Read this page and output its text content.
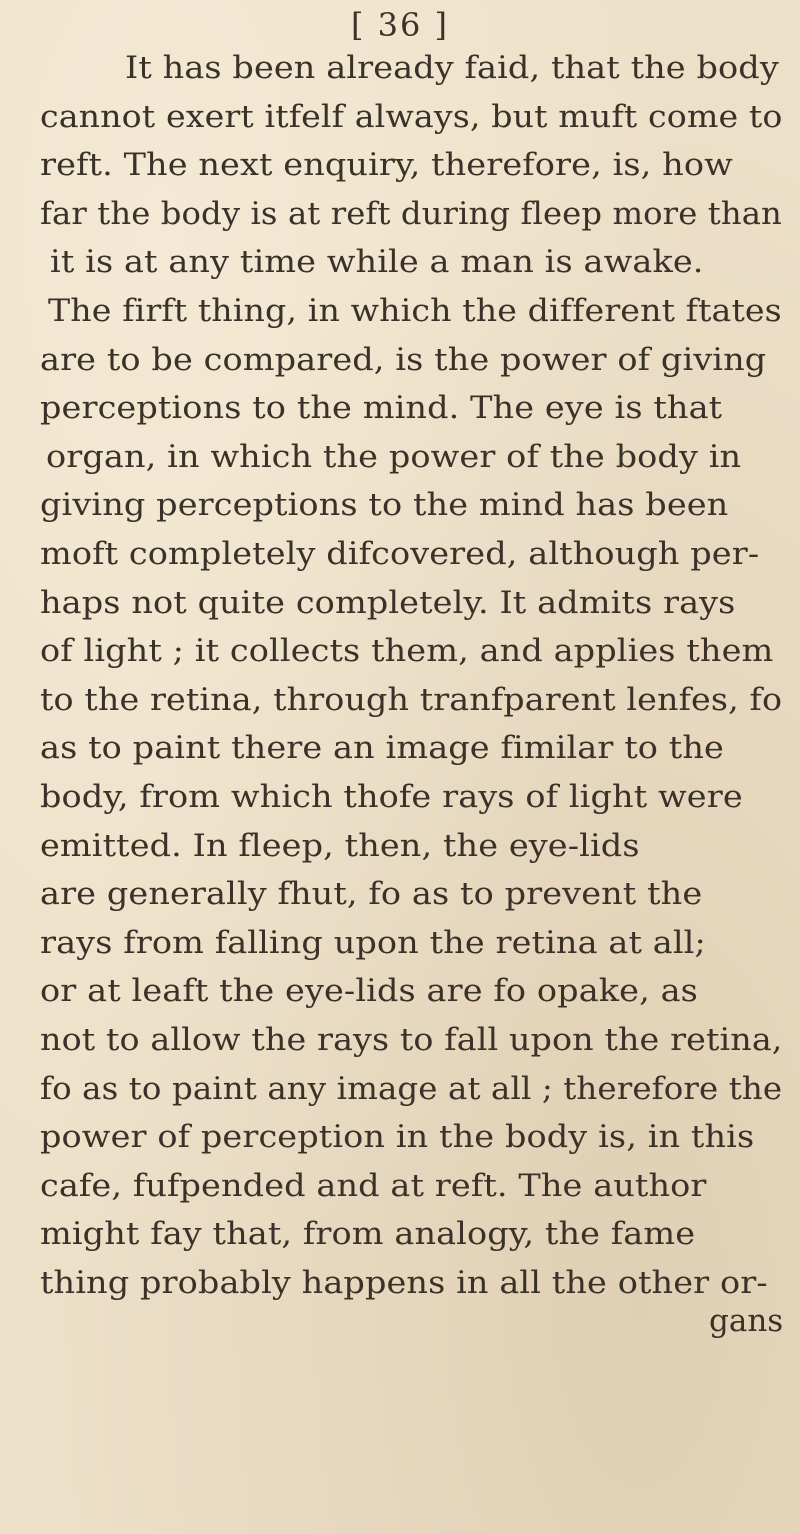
[ 36 ]
It has been already faid, that the body
cannot exert itfelf always, but muft come to
reft. The next enquiry, therefore, is, how
far the body is at reft during fleep more than
it is at any time while a man is awake.
The firft thing, in which the different ftates
are to be compared, is the power of giving
perceptions to the mind. The eye is that
organ, in which the power of the body in
giving perceptions to the mind has been
moft completely difcovered, although per-
haps not quite completely. It admits rays
of light ; it collects them, and applies them
to the retina, through tranfparent lenfes, fo
as to paint there an image fimilar to the
body, from which thofe rays of light were
emitted. In fleep, then, the eye-lids
are generally fhut, fo as to prevent the
rays from falling upon the retina at all;
or at leaft the eye-lids are fo opake, as
not to allow the rays to fall upon the retina,
fo as to paint any image at all ; therefore the
power of perception in the body is, in this
cafe, fufpended and at reft. The author
might fay that, from analogy, the fame
thing probably happens in all the other or-
gans
